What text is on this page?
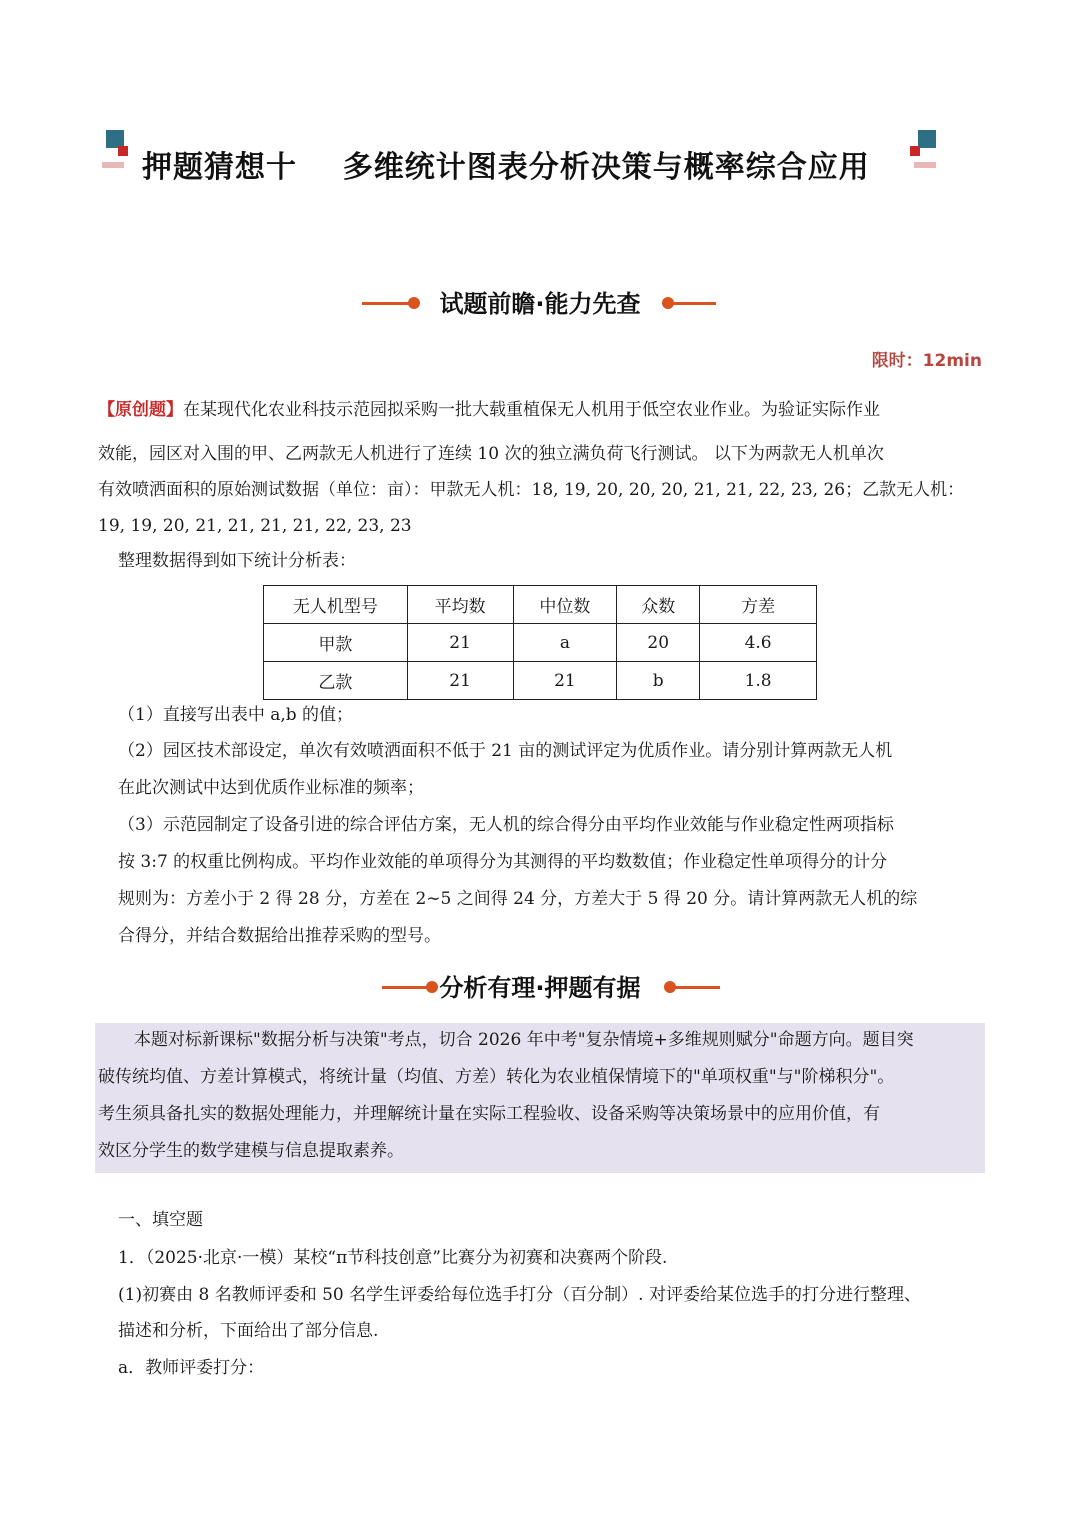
押题猜想十 多维统计图表分析决策与概率综合应用
试题前瞻·能力先查
限时：12min
【原创题】在某现代化农业科技示范园拟采购一批大载重植保无人机用于低空农业作业。为验证实际作业
效能，园区对入围的甲、乙两款无人机进行了连续 10 次的独立满负荷飞行测试。 以下为两款无人机单次
有效喷洒面积的原始测试数据（单位：亩）：甲款无人机：18, 19, 20, 20, 20, 21, 21, 22, 23, 26；乙款无人机：
19, 19, 20, 21, 21, 21, 21, 22, 23, 23
整理数据得到如下统计分析表：
无人机型号	平均数	中位数	众数	方差
甲款	21	a	20	4.6
乙款	21	21	b	1.8
（1）直接写出表中 a,b 的值；
（2）园区技术部设定，单次有效喷洒面积不低于 21 亩的测试评定为优质作业。请分别计算两款无人机
在此次测试中达到优质作业标准的频率；
（3）示范园制定了设备引进的综合评估方案，无人机的综合得分由平均作业效能与作业稳定性两项指标
按 3:7 的权重比例构成。平均作业效能的单项得分为其测得的平均数数值；作业稳定性单项得分的计分
规则为：方差小于 2 得 28 分，方差在 2∼5 之间得 24 分，方差大于 5 得 20 分。请计算两款无人机的综
合得分，并结合数据给出推荐采购的型号。
分析有理·押题有据
本题对标新课标"数据分析与决策"考点，切合 2026 年中考"复杂情境+多维规则赋分"命题方向。题目突
破传统均值、方差计算模式，将统计量（均值、方差）转化为农业植保情境下的"单项权重"与"阶梯积分"。
考生须具备扎实的数据处理能力，并理解统计量在实际工程验收、设备采购等决策场景中的应用价值，有
效区分学生的数学建模与信息提取素养。
一、填空题
1．（2025·北京·一模）某校“π节科技创意”比赛分为初赛和决赛两个阶段.
(1)初赛由 8 名教师评委和 50 名学生评委给每位选手打分（百分制）. 对评委给某位选手的打分进行整理、
描述和分析，下面给出了部分信息.
a．教师评委打分：
